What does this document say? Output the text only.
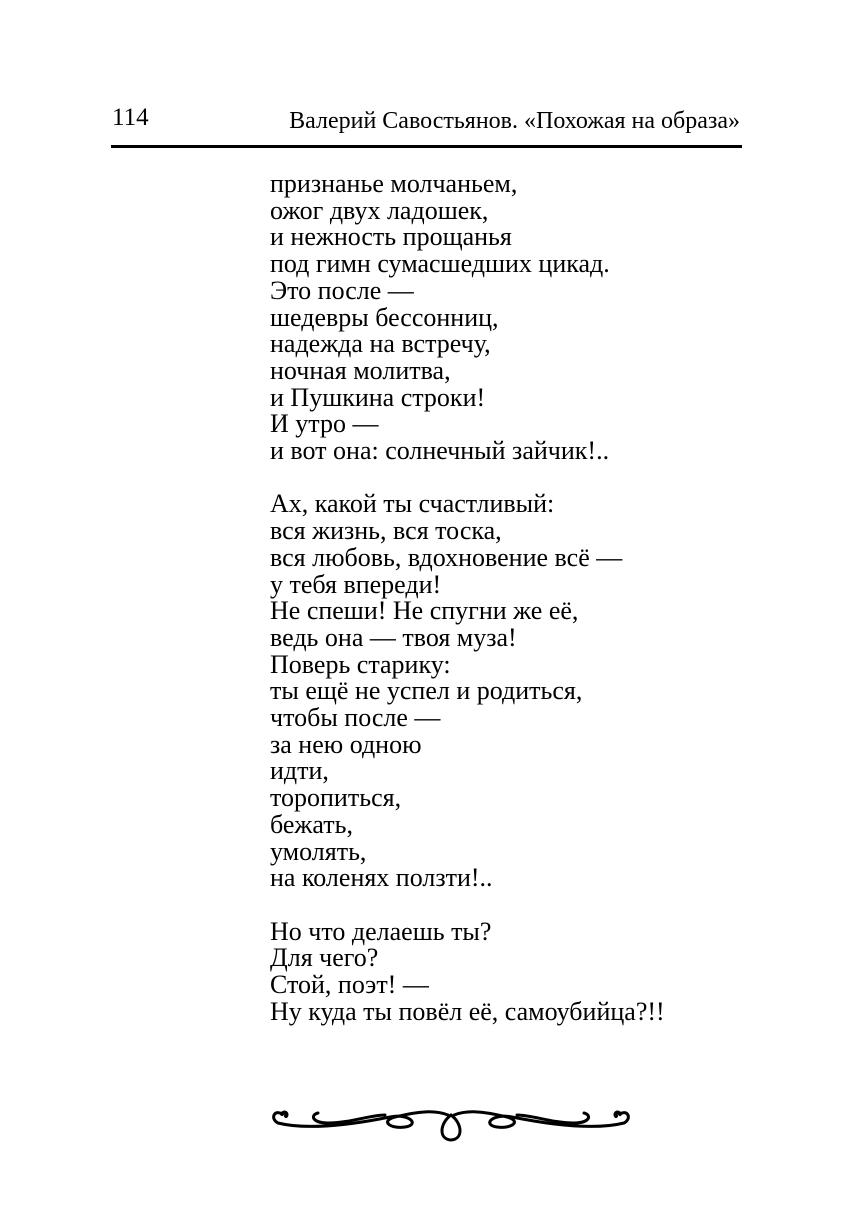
114	Валерий Савостьянов. «Похожая на образа»
признанье молчаньем,
ожог двух ладошек,
и нежность прощанья
под гимн сумасшедших цикад.
Это после —
шедевры бессонниц,
надежда на встречу,
ночная молитва,
и Пушкина строки!
И утро —
и вот она: солнечный зайчик!..
Ах, какой ты счастливый:
вся жизнь, вся тоска,
вся любовь, вдохновение всё —
у тебя впереди!
Не спеши! Не спугни же её,
ведь она — твоя муза!
Поверь старику:
ты ещё не успел и родиться,
чтобы после —
за нею одною
идти,
торопиться,
бежать,
умолять,
на коленях ползти!..
Но что делаешь ты?
Для чего?
Стой, поэт! —
Ну куда ты повёл её, самоубийца?!!
